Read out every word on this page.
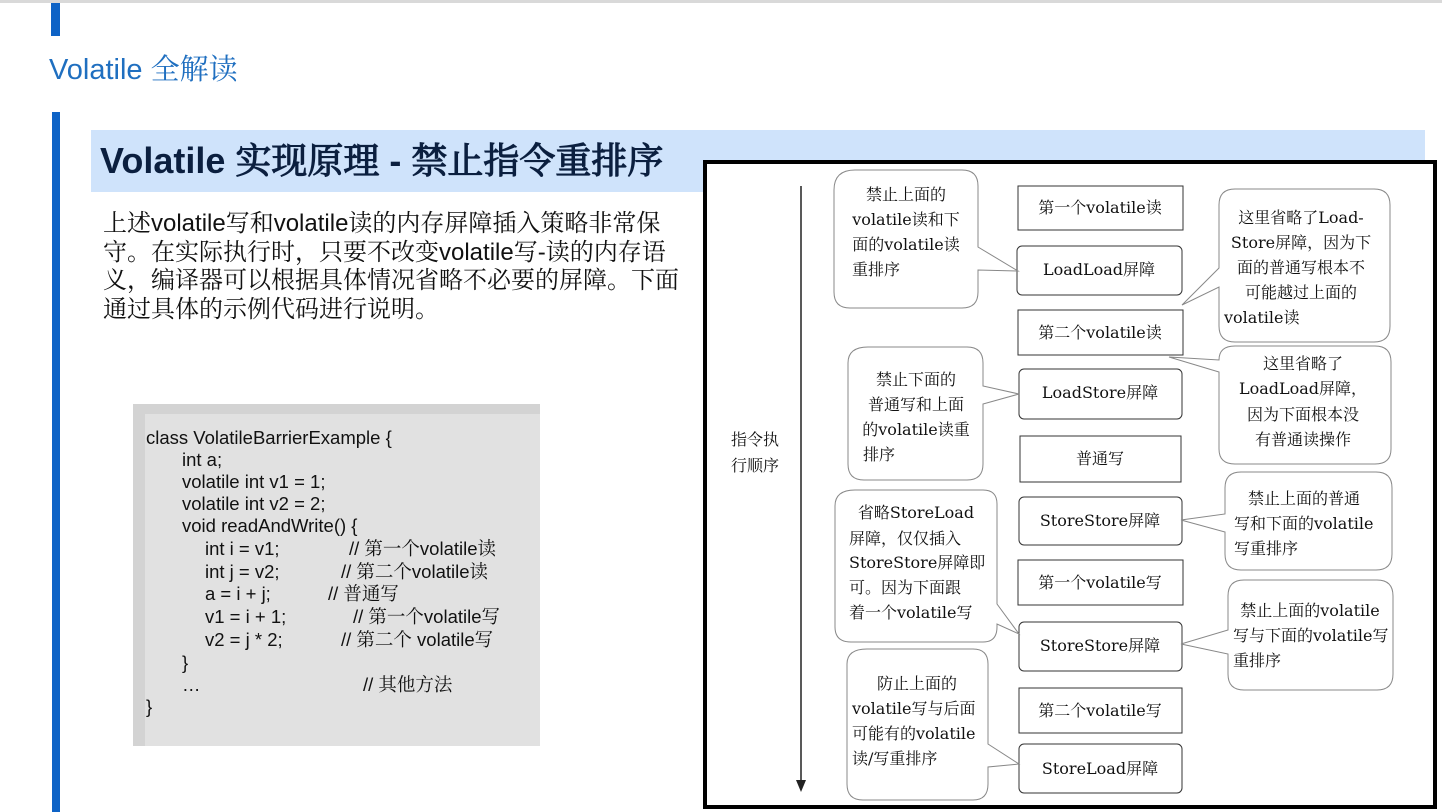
Volatile 全解读
Volatile 实现原理 - 禁止指令重排序
上述volatile写和volatile读的内存屏障插入策略非常保守。在实际执行时，只要不改变volatile写-读的内存语义，编译器可以根据具体情况省略不必要的屏障。下面通过具体的示例代码进行说明。
class VolatileBarrierExample {
int a;
volatile int v1 = 1;
volatile int v2 = 2;
void readAndWrite() {
int i = v1;	// 第一个volatile读
int j = v2;	// 第二个volatile读
a = i + j;	// 普通写
v1 = i + 1;	// 第一个volatile写
v2 = j * 2;	// 第二个 volatile写
}
…	// 其他方法
}
指令执
行顺序
第一个volatile读
LoadLoad屏障
第二个volatile读
LoadStore屏障
普通写
StoreStore屏障
第一个volatile写
StoreStore屏障
第二个volatile写
StoreLoad屏障
禁止上面的
volatile读和下
面的volatile读
重排序
禁止下面的
普通写和上面
的volatile读重
排序
省略StoreLoad
屏障，仅仅插入
StoreStore屏障即
可。因为下面跟
着一个volatile写
防止上面的
volatile写与后面
可能有的volatile
读/写重排序
这里省略了Load-
Store屏障，因为下
面的普通写根本不
可能越过上面的
volatile读
这里省略了
LoadLoad屏障，
因为下面根本没
有普通读操作
禁止上面的普通
写和下面的volatile
写重排序
禁止上面的volatile
写与下面的volatile写
重排序
